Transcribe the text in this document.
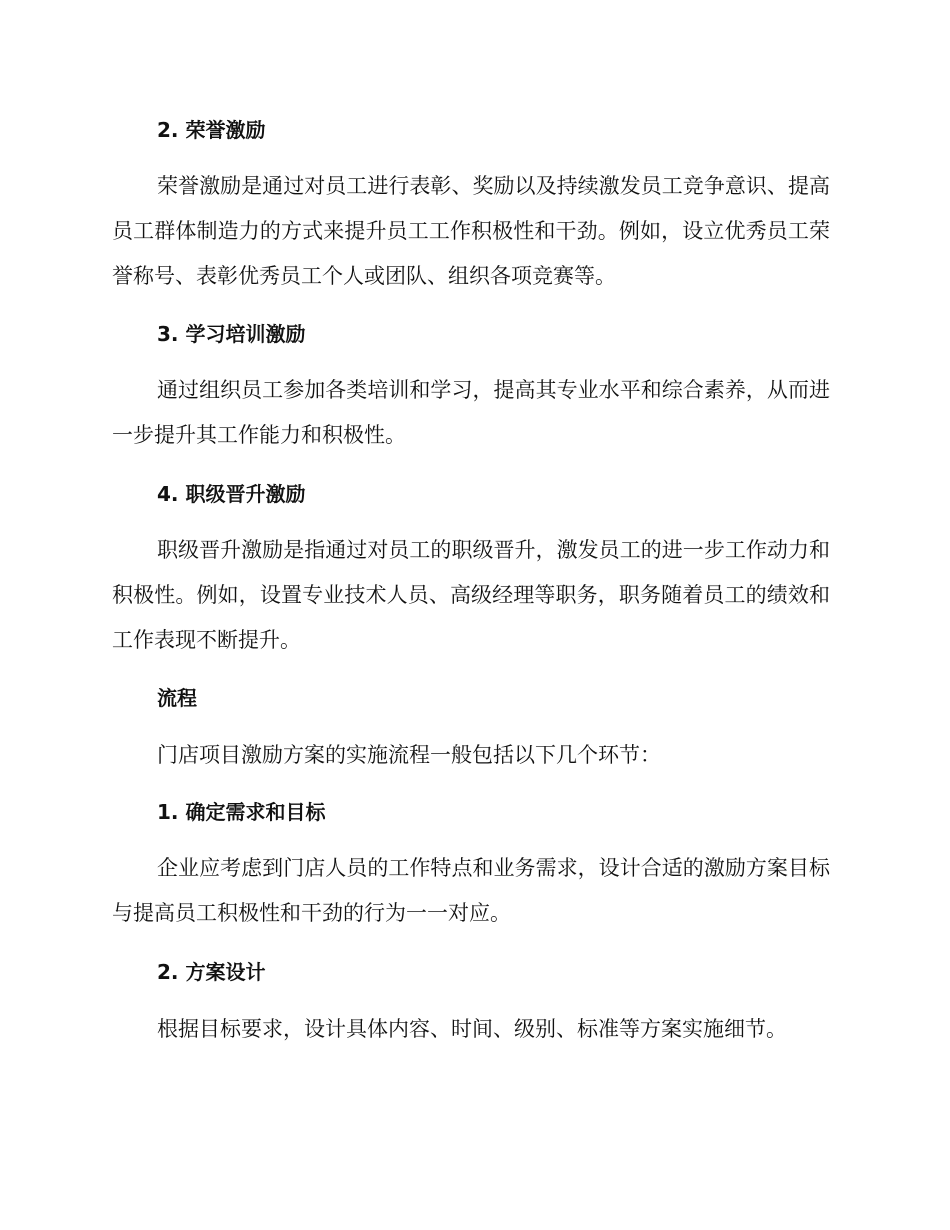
2. 荣誉激励

荣誉激励是通过对员工进行表彰、奖励以及持续激发员工竞争意识、提高员工群体制造力的方式来提升员工工作积极性和干劲。例如，设立优秀员工荣誉称号、表彰优秀员工个人或团队、组织各项竞赛等。

3. 学习培训激励

通过组织员工参加各类培训和学习，提高其专业水平和综合素养，从而进一步提升其工作能力和积极性。

4. 职级晋升激励

职级晋升激励是指通过对员工的职级晋升，激发员工的进一步工作动力和积极性。例如，设置专业技术人员、高级经理等职务，职务随着员工的绩效和工作表现不断提升。

流程

门店项目激励方案的实施流程一般包括以下几个环节：

1. 确定需求和目标

企业应考虑到门店人员的工作特点和业务需求，设计合适的激励方案目标与提高员工积极性和干劲的行为一一对应。

2. 方案设计

根据目标要求，设计具体内容、时间、级别、标准等方案实施细节。
